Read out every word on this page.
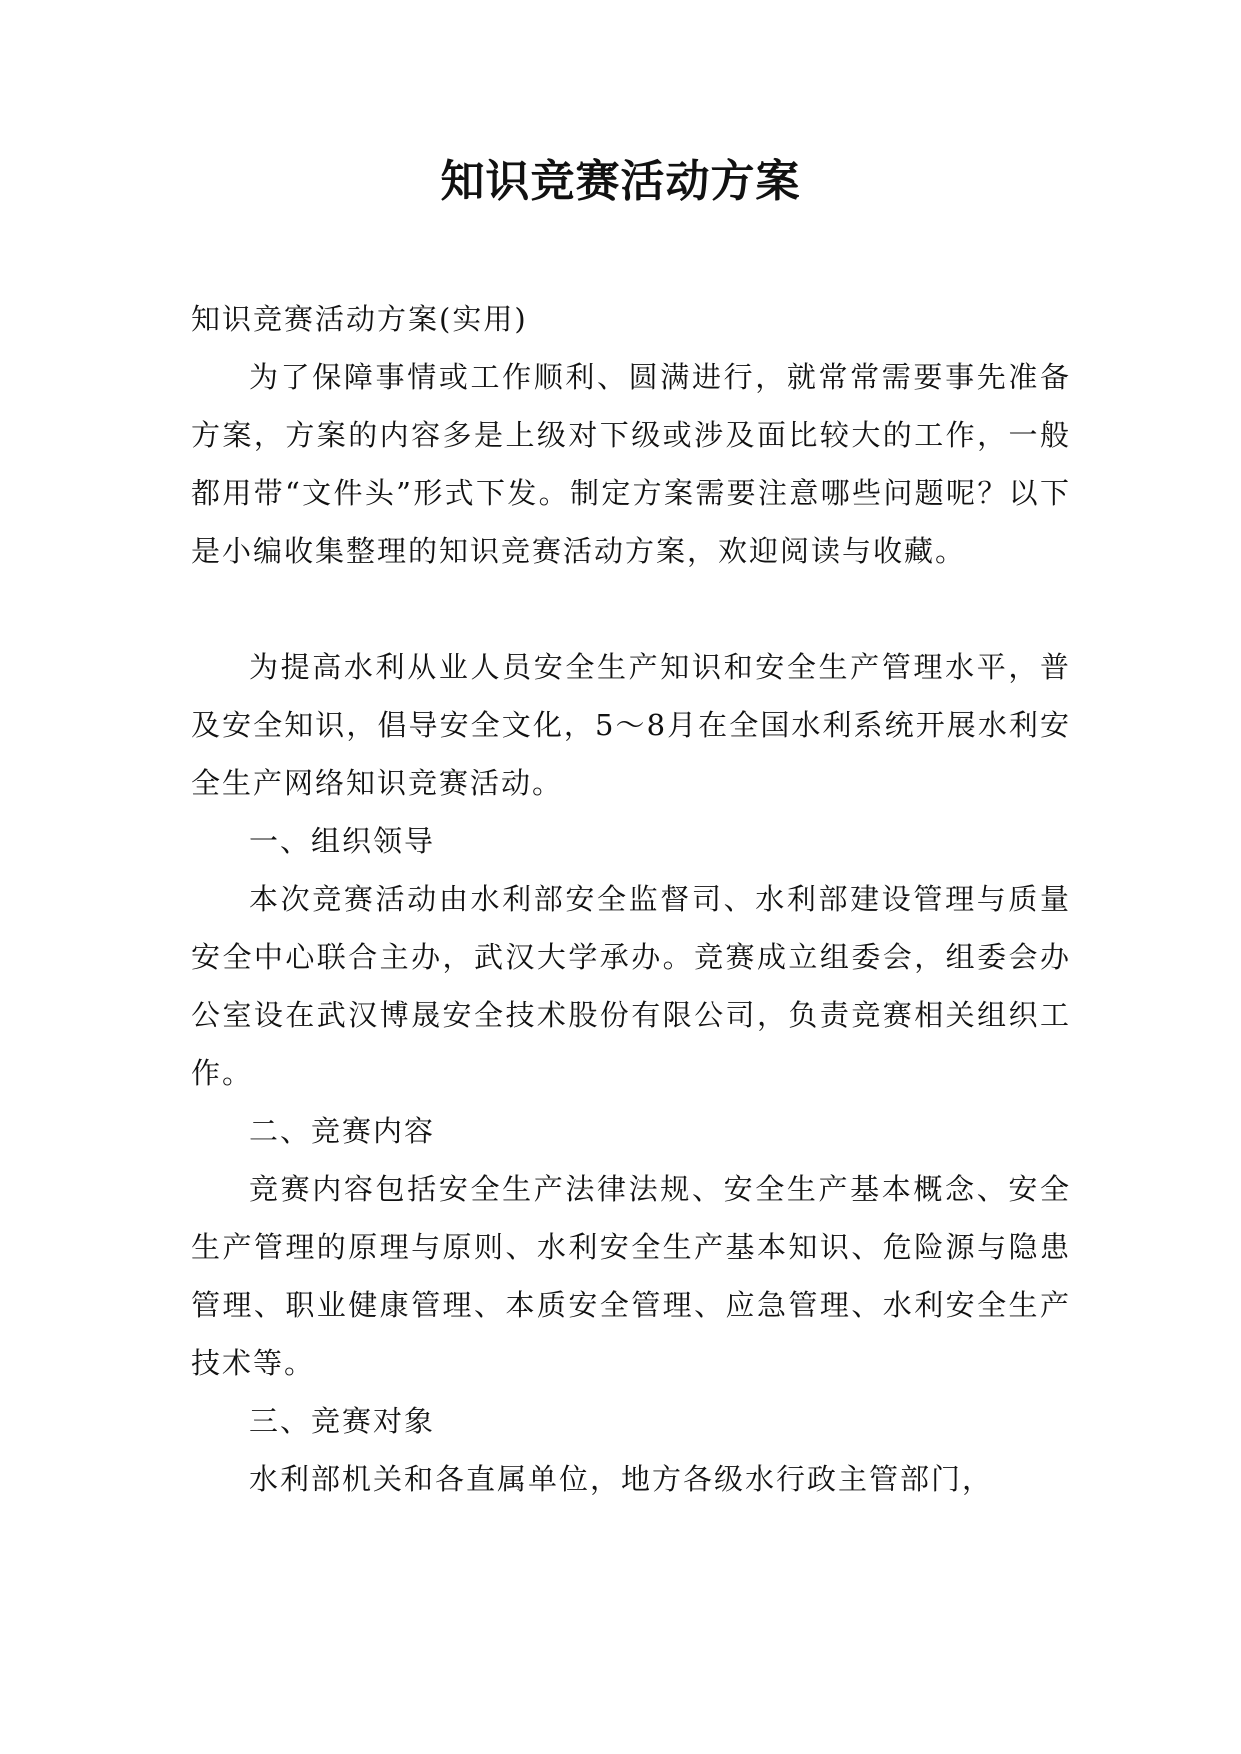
知识竞赛活动方案

知识竞赛活动方案(实用)

为了保障事情或工作顺利、圆满进行，就常常需要事先准备方案，方案的内容多是上级对下级或涉及面比较大的工作，一般都用带“文件头”形式下发。制定方案需要注意哪些问题呢？以下是小编收集整理的知识竞赛活动方案，欢迎阅读与收藏。

为提高水利从业人员安全生产知识和安全生产管理水平，普及安全知识，倡导安全文化，5～8月在全国水利系统开展水利安全生产网络知识竞赛活动。

一、组织领导

本次竞赛活动由水利部安全监督司、水利部建设管理与质量安全中心联合主办，武汉大学承办。竞赛成立组委会，组委会办公室设在武汉博晟安全技术股份有限公司，负责竞赛相关组织工作。

二、竞赛内容

竞赛内容包括安全生产法律法规、安全生产基本概念、安全生产管理的原理与原则、水利安全生产基本知识、危险源与隐患管理、职业健康管理、本质安全管理、应急管理、水利安全生产技术等。

三、竞赛对象

水利部机关和各直属单位，地方各级水行政主管部门，
